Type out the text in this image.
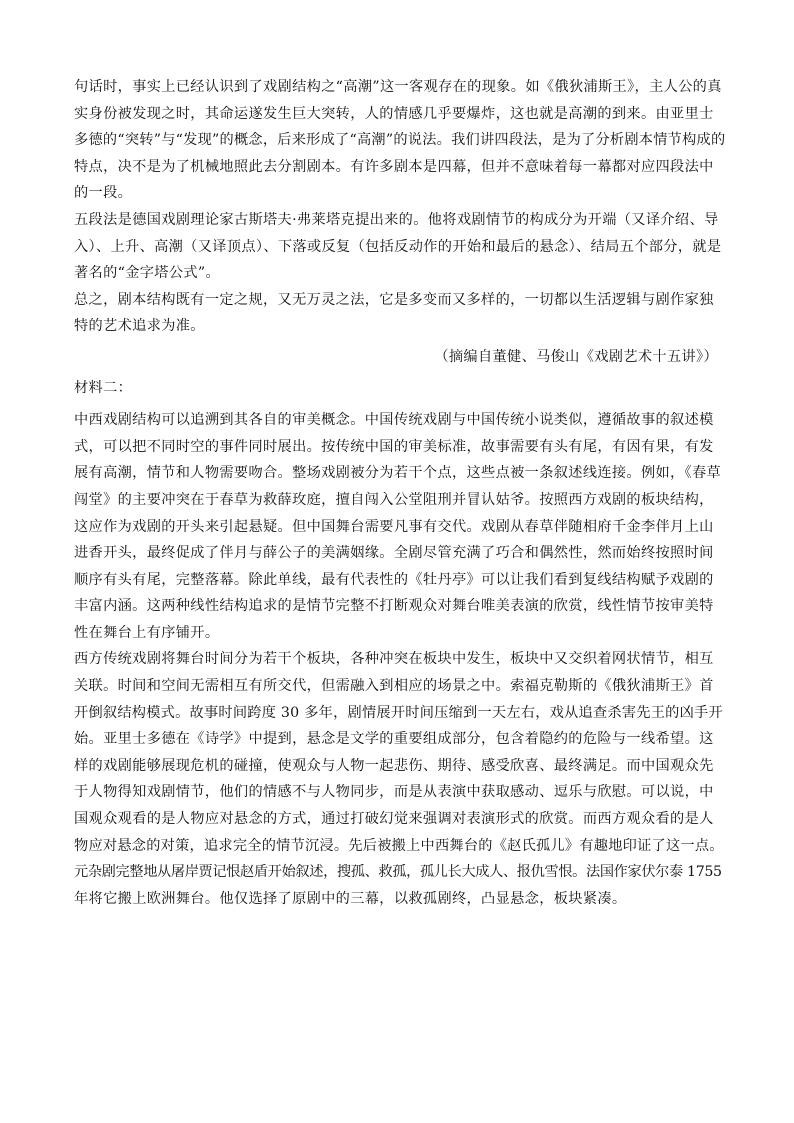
句话时，事实上已经认识到了戏剧结构之“高潮”这一客观存在的现象。如《俄狄浦斯王》，主人公的真
实身份被发现之时，其命运遂发生巨大突转，人的情感几乎要爆炸，这也就是高潮的到来。由亚里士
多德的“突转”与“发现”的概念，后来形成了“高潮”的说法。我们讲四段法，是为了分析剧本情节构成的
特点，决不是为了机械地照此去分割剧本。有许多剧本是四幕，但并不意味着每一幕都对应四段法中
的一段。
五段法是德国戏剧理论家古斯塔夫·弗莱塔克提出来的。他将戏剧情节的构成分为开端（又译介绍、导
入）、上升、高潮（又译顶点）、下落或反复（包括反动作的开始和最后的悬念）、结局五个部分，就是
著名的“金字塔公式”。
总之，剧本结构既有一定之规，又无万灵之法，它是多变而又多样的，一切都以生活逻辑与剧作家独
特的艺术追求为准。
（摘编自董健、马俊山《戏剧艺术十五讲》）
材料二：
中西戏剧结构可以追溯到其各自的审美概念。中国传统戏剧与中国传统小说类似，遵循故事的叙述模
式，可以把不同时空的事件同时展出。按传统中国的审美标准，故事需要有头有尾，有因有果，有发
展有高潮，情节和人物需要吻合。整场戏剧被分为若干个点，这些点被一条叙述线连接。例如，《春草
闯堂》的主要冲突在于春草为救薛玫庭，擅自闯入公堂阻刑并冒认姑爷。按照西方戏剧的板块结构，
这应作为戏剧的开头来引起悬疑。但中国舞台需要凡事有交代。戏剧从春草伴随相府千金李伴月上山
进香开头，最终促成了伴月与薛公子的美满姻缘。全剧尽管充满了巧合和偶然性，然而始终按照时间
顺序有头有尾，完整落幕。除此单线，最有代表性的《牡丹亭》可以让我们看到复线结构赋予戏剧的
丰富内涵。这两种线性结构追求的是情节完整不打断观众对舞台唯美表演的欣赏，线性情节按审美特
性在舞台上有序铺开。
西方传统戏剧将舞台时间分为若干个板块，各种冲突在板块中发生，板块中又交织着网状情节，相互
关联。时间和空间无需相互有所交代，但需融入到相应的场景之中。索福克勒斯的《俄狄浦斯王》首
开倒叙结构模式。故事时间跨度 30 多年，剧情展开时间压缩到一天左右，戏从追查杀害先王的凶手开
始。亚里士多德在《诗学》中提到，悬念是文学的重要组成部分，包含着隐约的危险与一线希望。这
样的戏剧能够展现危机的碰撞，使观众与人物一起悲伤、期待、感受欣喜、最终满足。而中国观众先
于人物得知戏剧情节，他们的情感不与人物同步，而是从表演中获取感动、逗乐与欣慰。可以说，中
国观众观看的是人物应对悬念的方式，通过打破幻觉来强调对表演形式的欣赏。而西方观众看的是人
物应对悬念的对策，追求完全的情节沉浸。先后被搬上中西舞台的《赵氏孤儿》有趣地印证了这一点。
元杂剧完整地从屠岸贾记恨赵盾开始叙述，搜孤、救孤，孤儿长大成人、报仇雪恨。法国作家伏尔泰 1755
年将它搬上欧洲舞台。他仅选择了原剧中的三幕，以救孤剧终，凸显悬念，板块紧凑。
